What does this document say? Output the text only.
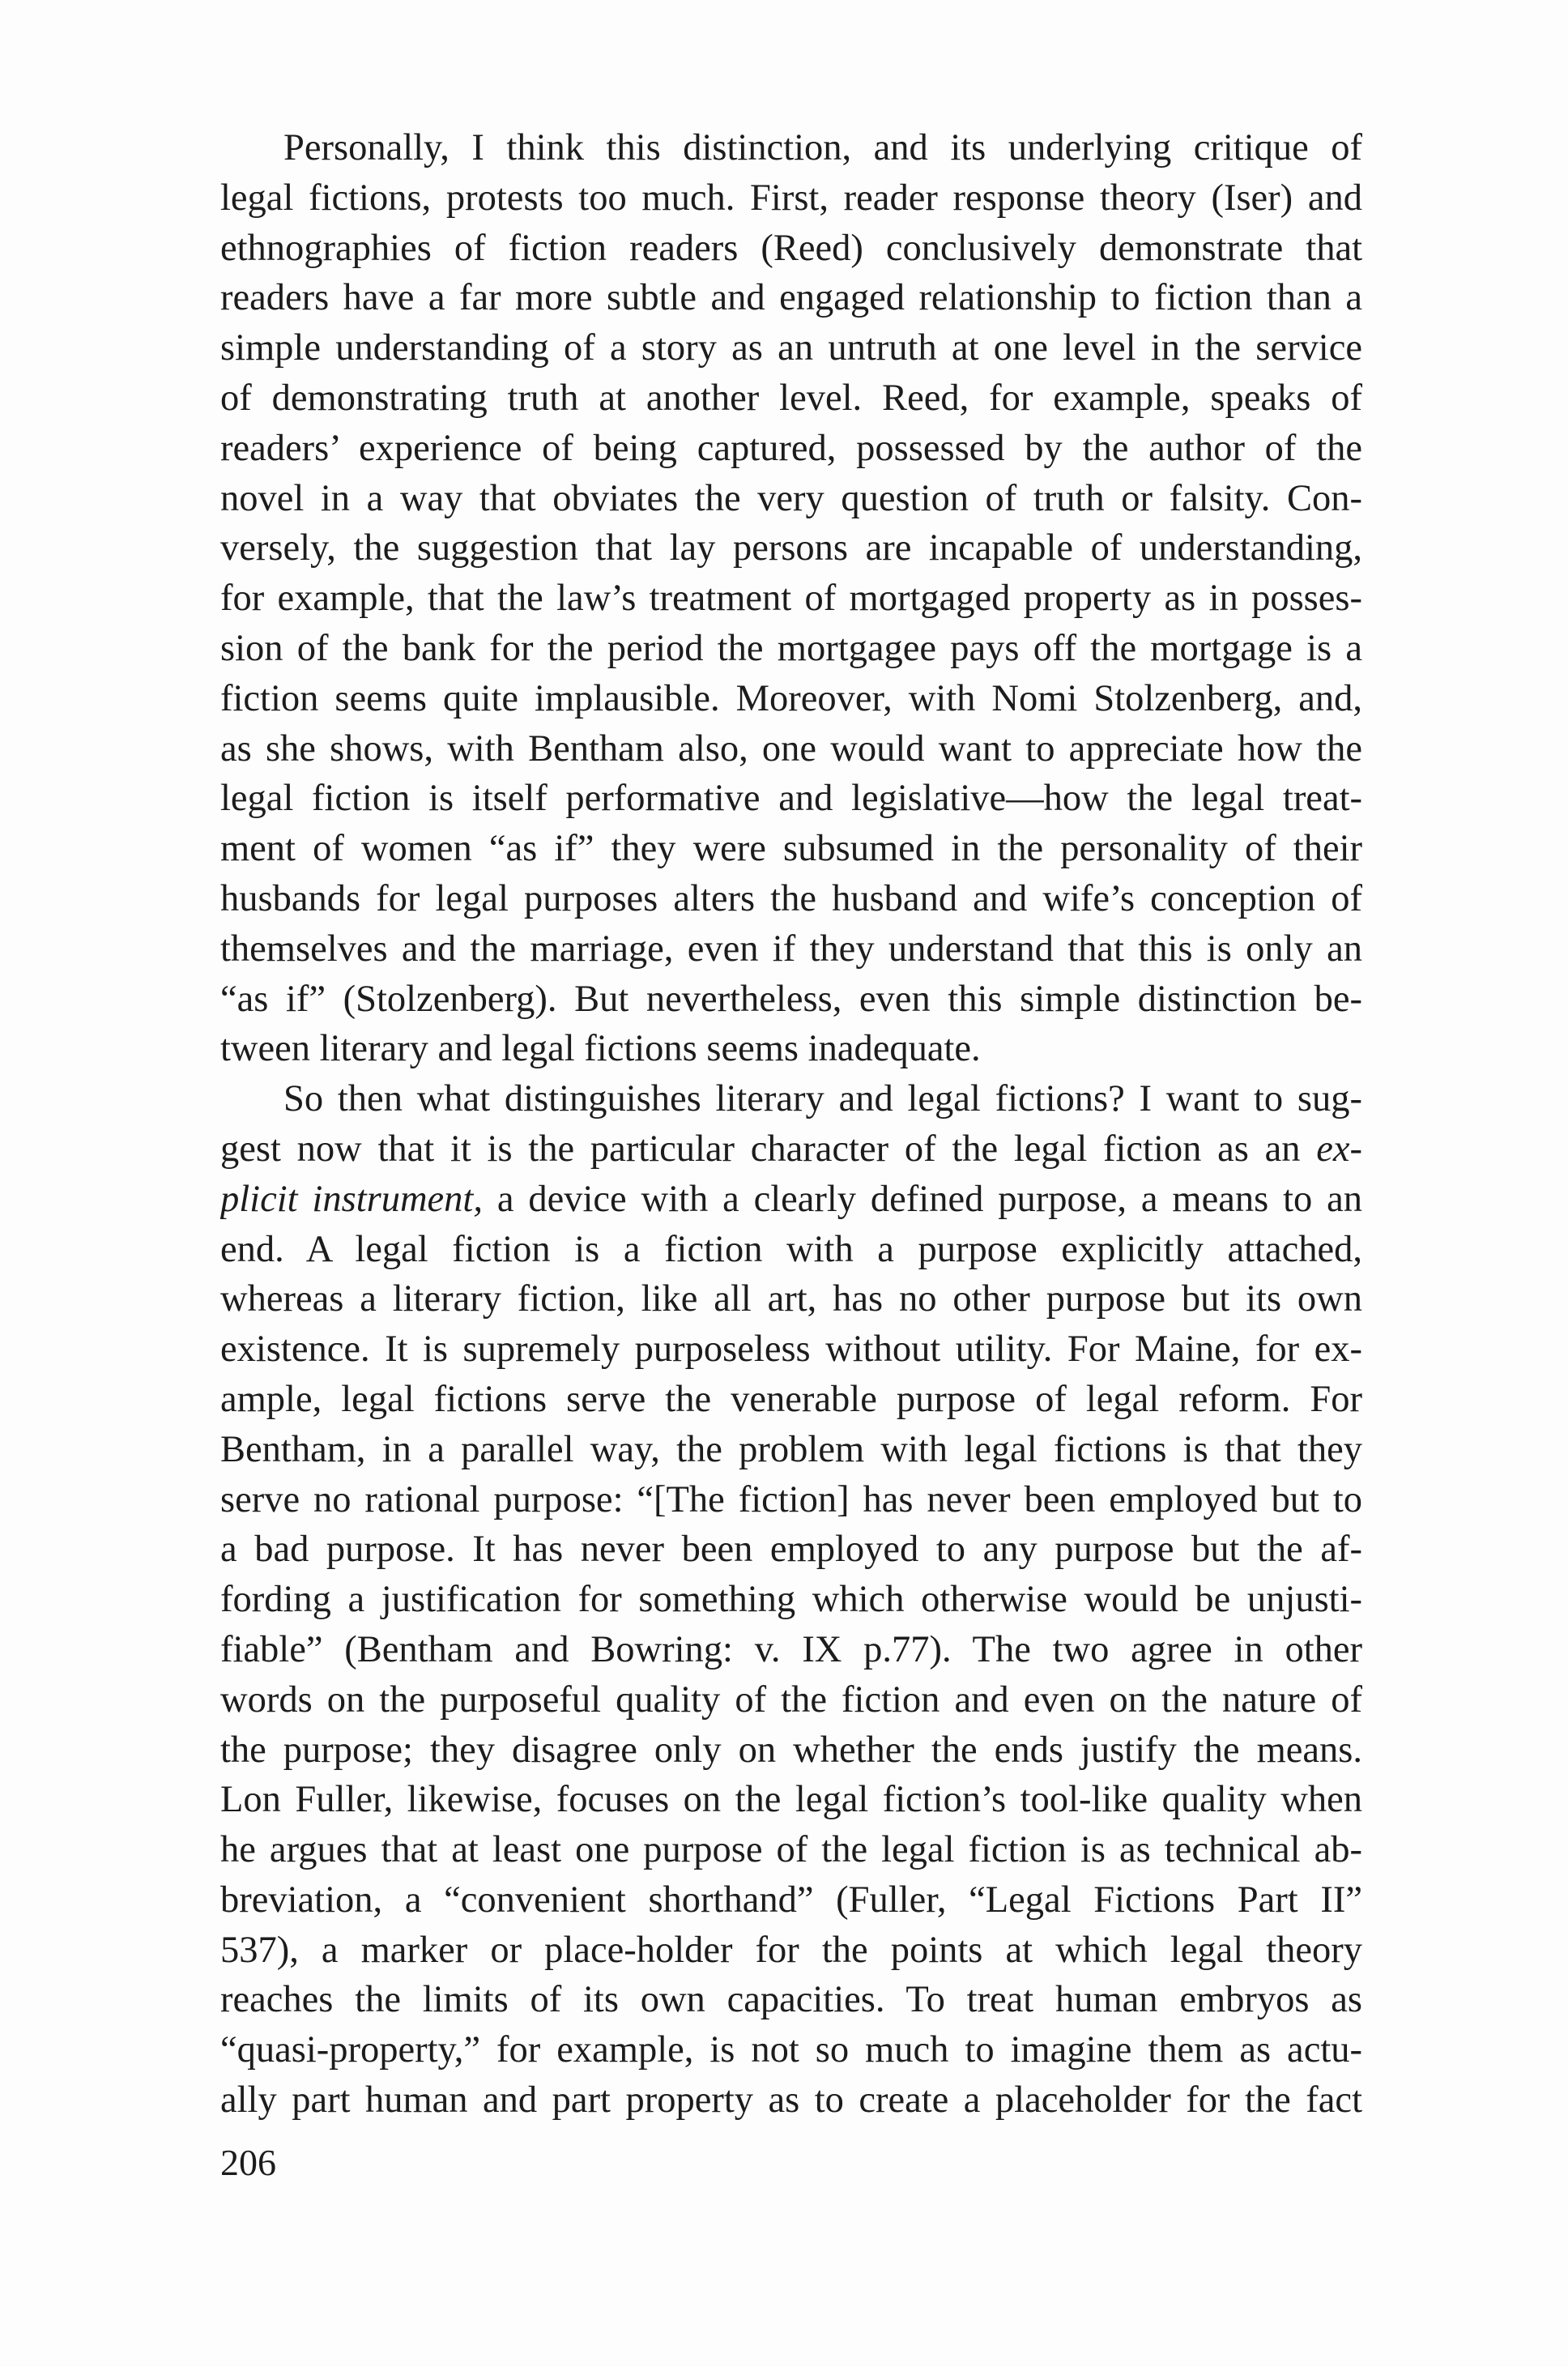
Personally, I think this distinction, and its underlying critique of
legal fictions, protests too much. First, reader response theory (Iser) and
ethnographies of fiction readers (Reed) conclusively demonstrate that
readers have a far more subtle and engaged relationship to fiction than a
simple understanding of a story as an untruth at one level in the service
of demonstrating truth at another level. Reed, for example, speaks of
readers’ experience of being captured, possessed by the author of the
novel in a way that obviates the very question of truth or falsity. Con-
versely, the suggestion that lay persons are incapable of understanding,
for example, that the law’s treatment of mortgaged property as in posses-
sion of the bank for the period the mortgagee pays off the mortgage is a
fiction seems quite implausible. Moreover, with Nomi Stolzenberg, and,
as she shows, with Bentham also, one would want to appreciate how the
legal fiction is itself performative and legislative—how the legal treat-
ment of women “as if” they were subsumed in the personality of their
husbands for legal purposes alters the husband and wife’s conception of
themselves and the marriage, even if they understand that this is only an
“as if” (Stolzenberg). But nevertheless, even this simple distinction be-
tween literary and legal fictions seems inadequate.
So then what distinguishes literary and legal fictions? I want to sug-
gest now that it is the particular character of the legal fiction as an ex-
plicit instrument, a device with a clearly defined purpose, a means to an
end. A legal fiction is a fiction with a purpose explicitly attached,
whereas a literary fiction, like all art, has no other purpose but its own
existence. It is supremely purposeless without utility. For Maine, for ex-
ample, legal fictions serve the venerable purpose of legal reform. For
Bentham, in a parallel way, the problem with legal fictions is that they
serve no rational purpose: “[The fiction] has never been employed but to
a bad purpose. It has never been employed to any purpose but the af-
fording a justification for something which otherwise would be unjusti-
fiable” (Bentham and Bowring: v. IX p.77). The two agree in other
words on the purposeful quality of the fiction and even on the nature of
the purpose; they disagree only on whether the ends justify the means.
Lon Fuller, likewise, focuses on the legal fiction’s tool-like quality when
he argues that at least one purpose of the legal fiction is as technical ab-
breviation, a “convenient shorthand” (Fuller, “Legal Fictions Part II”
537), a marker or place-holder for the points at which legal theory
reaches the limits of its own capacities. To treat human embryos as
“quasi-property,” for example, is not so much to imagine them as actu-
ally part human and part property as to create a placeholder for the fact
206
